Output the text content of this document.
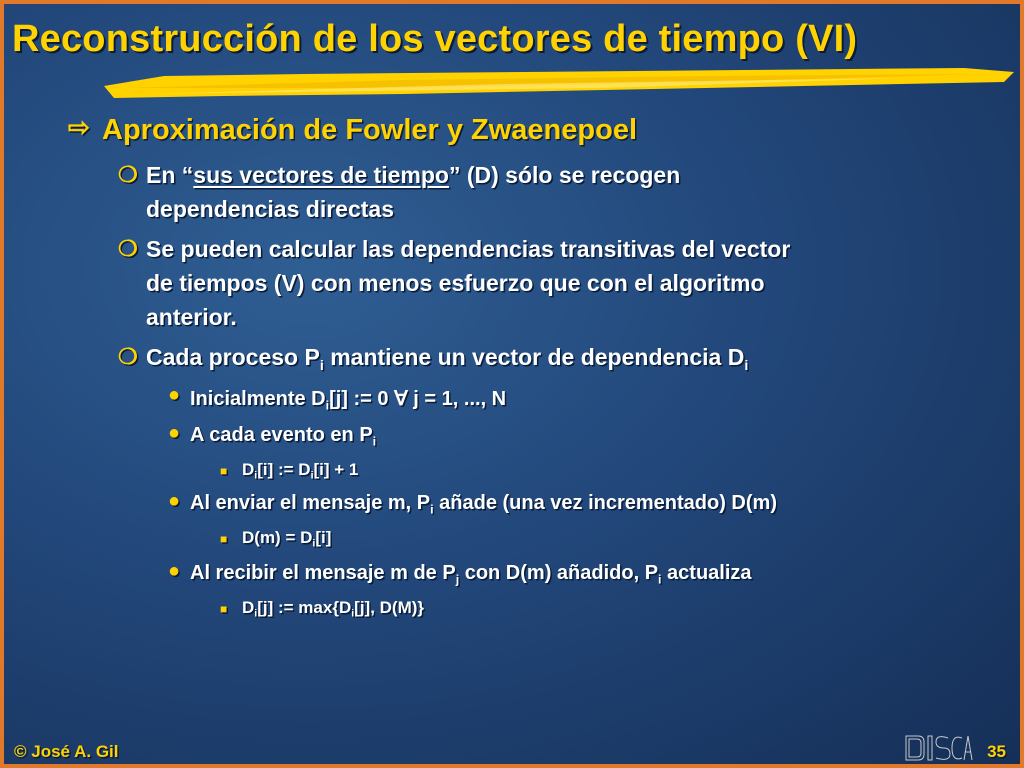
Reconstrucción de los vectores de tiempo (VI)
⇨ Aproximación de Fowler y Zwaenepoel
❍ En “sus vectores de tiempo” (D) sólo se recogen
dependencias directas
❍ Se pueden calcular las dependencias transitivas del vector
de tiempos (V) con menos esfuerzo que con el algoritmo
anterior.
❍ Cada proceso $P_i$ mantiene un vector de dependencia $D_i$
● Inicialmente $D_i[j]$ := 0 ∀ j = 1, ..., N
● A cada evento en $P_i$
■ $D_i[i]$ := $D_i[i] + 1$
● Al enviar el mensaje m, $P_i$ añade (una vez incrementado) D(m)
■ $D(m) = D_i[i]$
● Al recibir el mensaje m de $P_j$ con D(m) añadido, $P_i$ actualiza
■ $D_i[j]$ := $\max\{D_i[j]$, D(M)}
© José A. Gil	35
